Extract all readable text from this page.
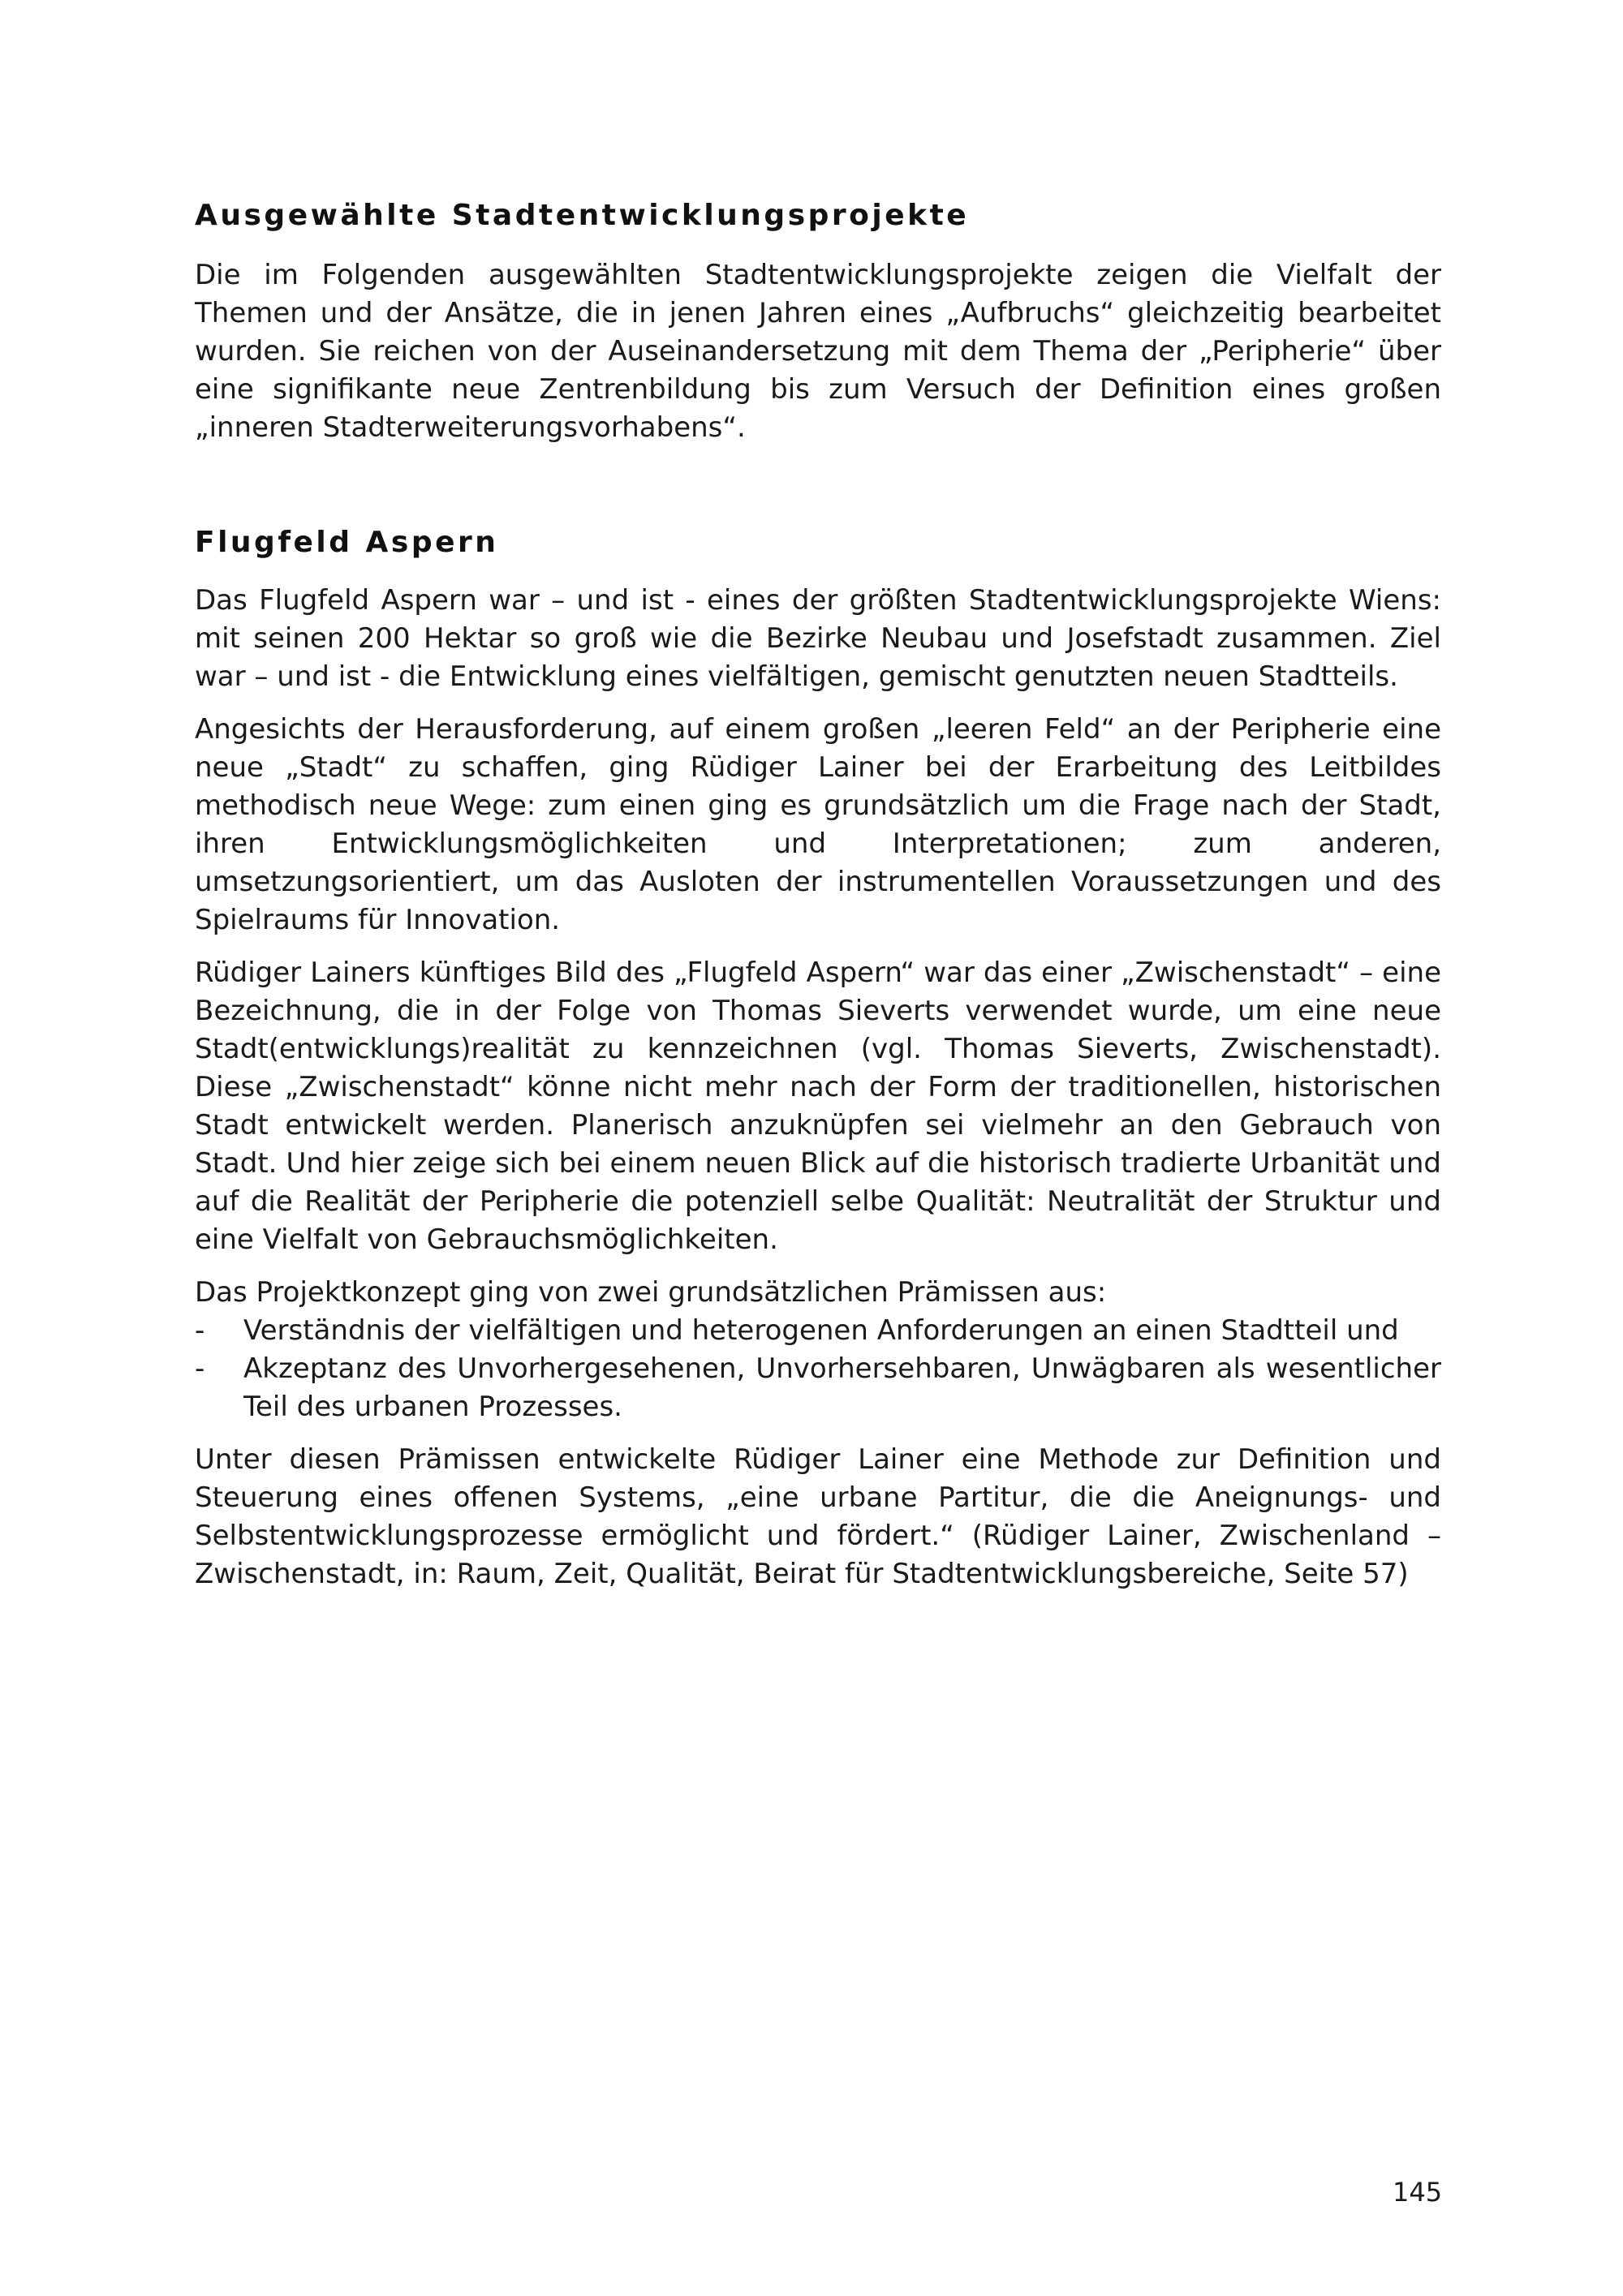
Ausgewählte Stadtentwicklungsprojekte

Die im Folgenden ausgewählten Stadtentwicklungsprojekte zeigen die Vielfalt der Themen und der Ansätze, die in jenen Jahren eines „Aufbruchs“ gleichzeitig bearbeitet wurden. Sie reichen von der Auseinandersetzung mit dem Thema der „Peripherie“ über eine signifikante neue Zentrenbildung bis zum Versuch der Definition eines großen „inneren Stadterweiterungsvorhabens“.

Flugfeld Aspern

Das Flugfeld Aspern war – und ist - eines der größten Stadtentwicklungsprojekte Wiens: mit seinen 200 Hektar so groß wie die Bezirke Neubau und Josefstadt zusammen. Ziel war – und ist - die Entwicklung eines vielfältigen, gemischt genutzten neuen Stadtteils.

Angesichts der Herausforderung, auf einem großen „leeren Feld“ an der Peripherie eine neue „Stadt“ zu schaffen, ging Rüdiger Lainer bei der Erarbeitung des Leitbildes methodisch neue Wege: zum einen ging es grundsätzlich um die Frage nach der Stadt, ihren Entwicklungsmöglichkeiten und Interpretationen; zum anderen, umsetzungsorientiert, um das Ausloten der instrumentellen Voraussetzungen und des Spielraums für Innovation.

Rüdiger Lainers künftiges Bild des „Flugfeld Aspern“ war das einer „Zwischenstadt“ – eine Bezeichnung, die in der Folge von Thomas Sieverts verwendet wurde, um eine neue Stadt(entwicklungs)realität zu kennzeichnen (vgl. Thomas Sieverts, Zwischenstadt). Diese „Zwischenstadt“ könne nicht mehr nach der Form der traditionellen, historischen Stadt entwickelt werden. Planerisch anzuknüpfen sei vielmehr an den Gebrauch von Stadt. Und hier zeige sich bei einem neuen Blick auf die historisch tradierte Urbanität und auf die Realität der Peripherie die potenziell selbe Qualität: Neutralität der Struktur und eine Vielfalt von Gebrauchsmöglichkeiten.

Das Projektkonzept ging von zwei grundsätzlichen Prämissen aus:

- Verständnis der vielfältigen und heterogenen Anforderungen an einen Stadtteil und
- Akzeptanz des Unvorhergesehenen, Unvorhersehbaren, Unwägbaren als wesentlicher Teil des urbanen Prozesses.

Unter diesen Prämissen entwickelte Rüdiger Lainer eine Methode zur Definition und Steuerung eines offenen Systems, „eine urbane Partitur, die die Aneignungs- und Selbstentwicklungsprozesse ermöglicht und fördert.“ (Rüdiger Lainer, Zwischenland – Zwischenstadt, in: Raum, Zeit, Qualität, Beirat für Stadtentwicklungsbereiche, Seite 57)

145
